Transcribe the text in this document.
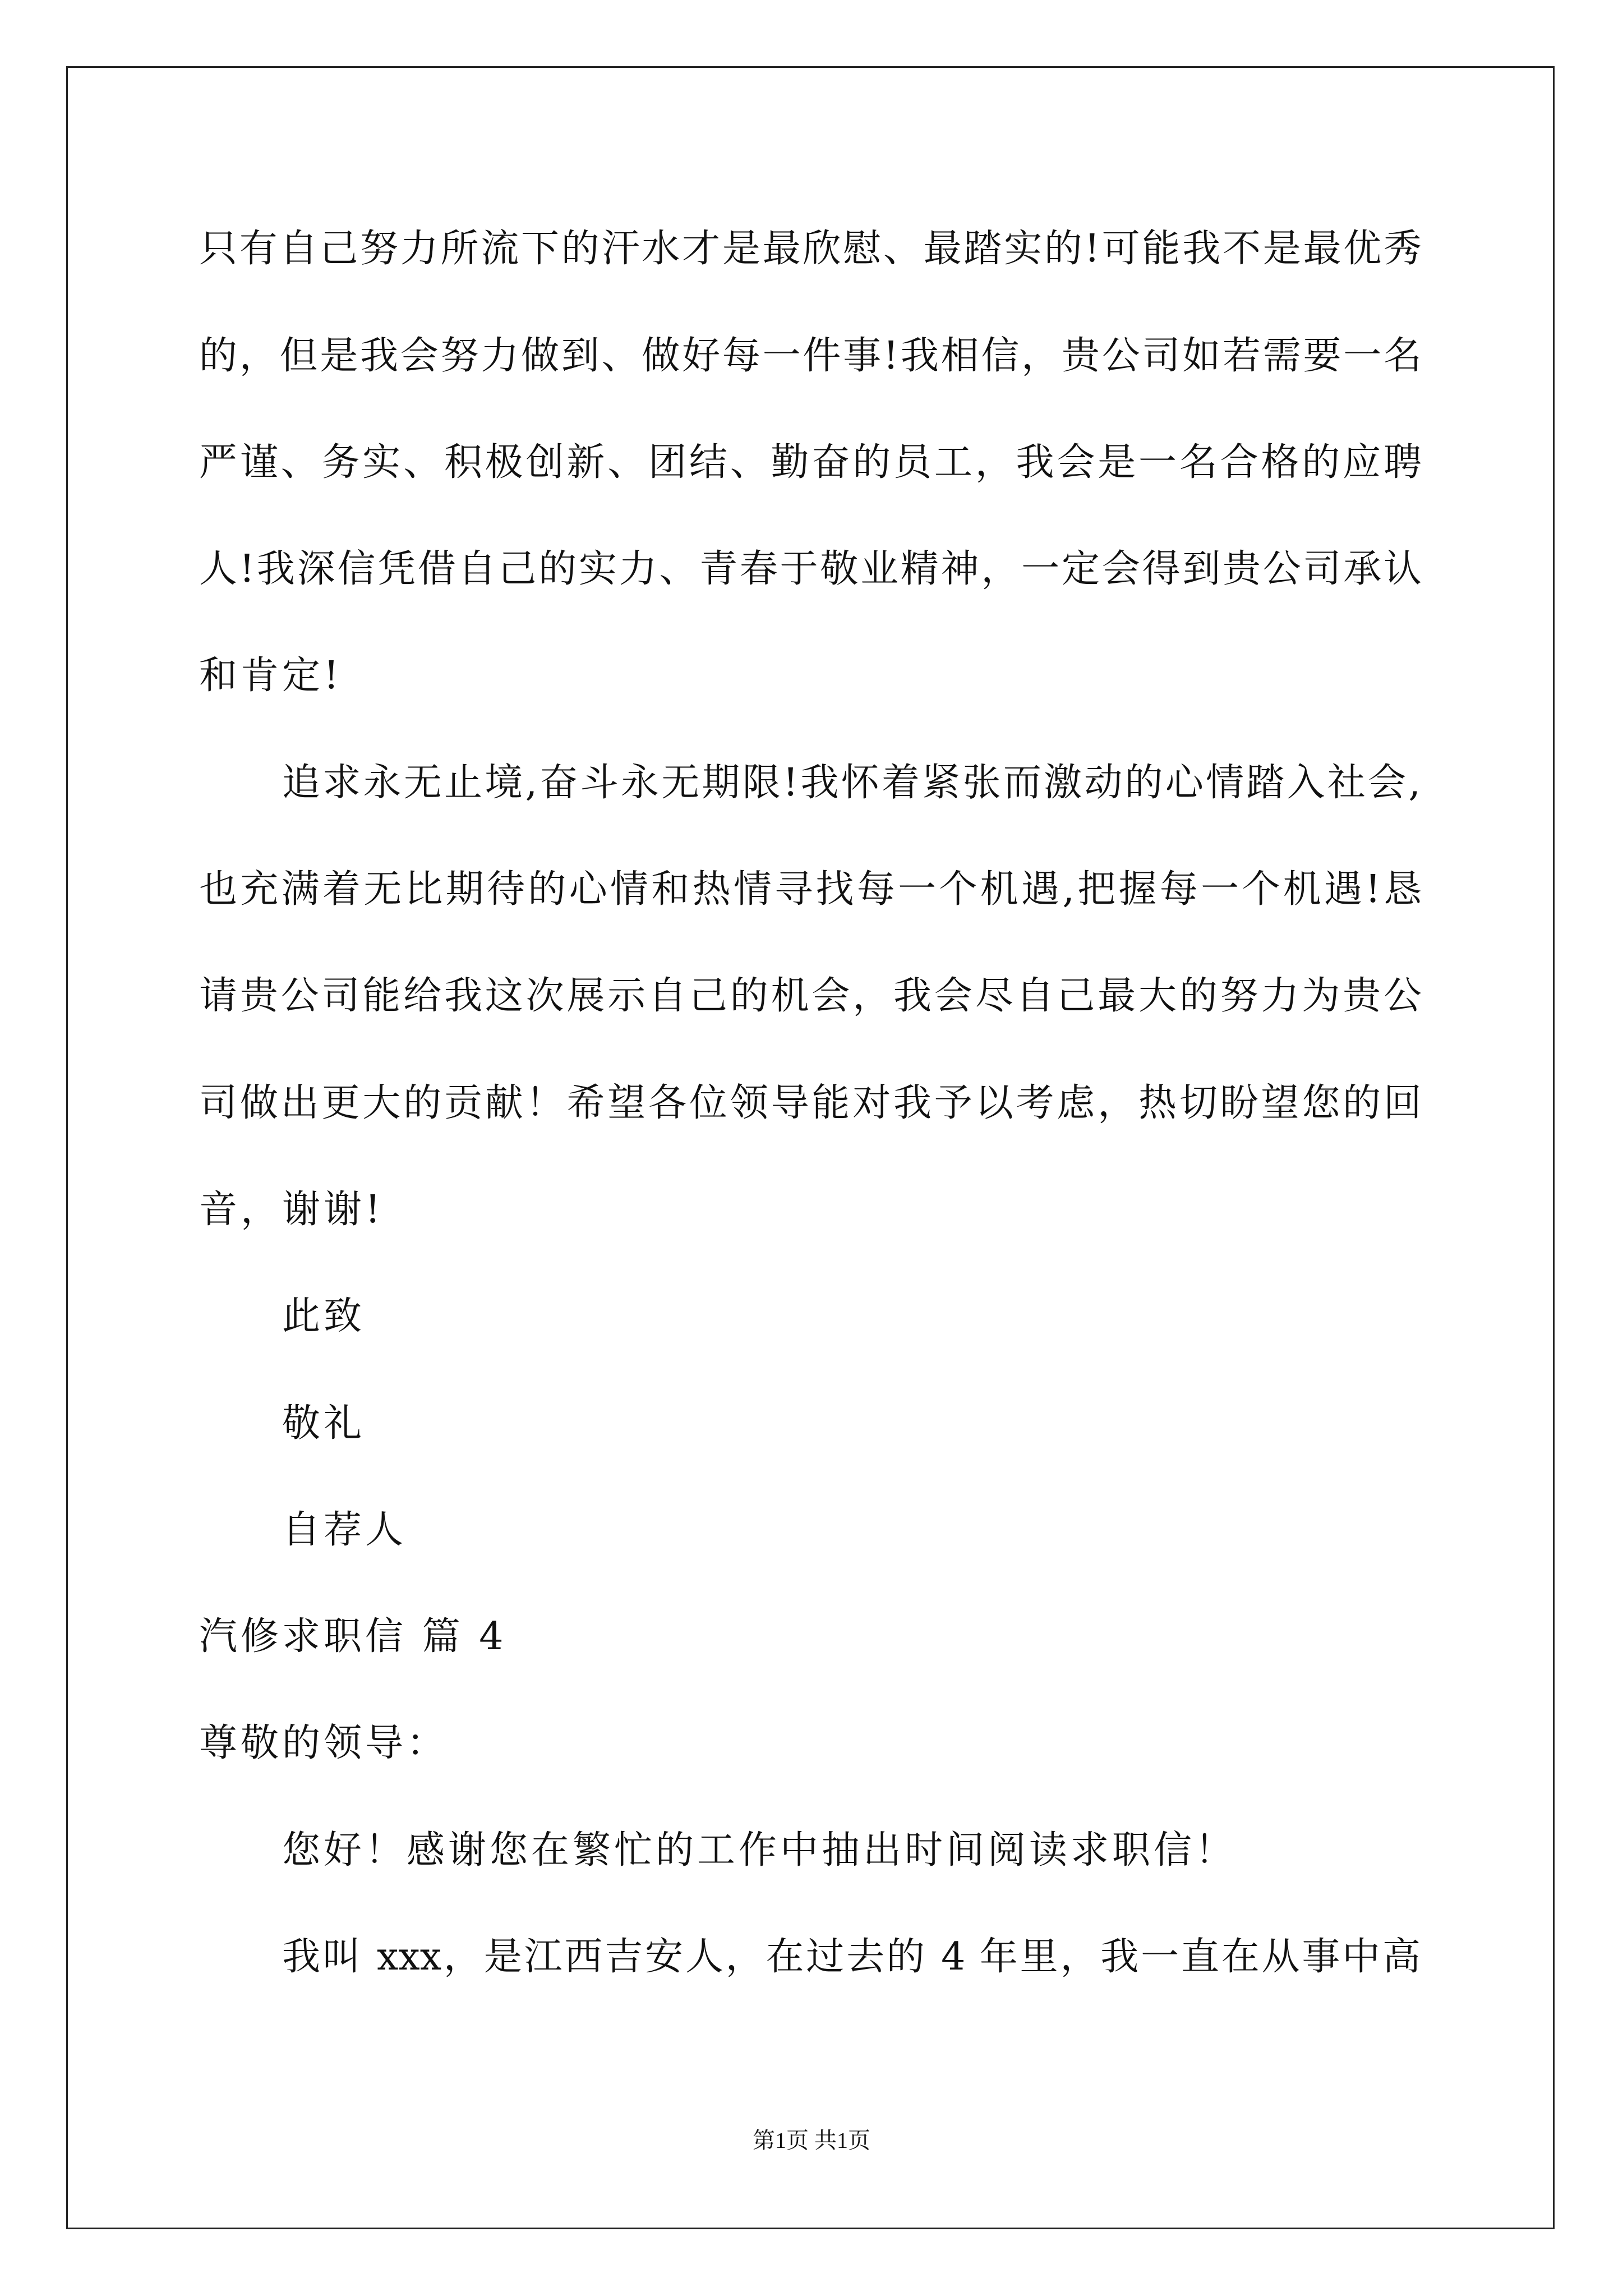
只有自己努力所流下的汗水才是最欣慰、最踏实的!可能我不是最优秀
的，但是我会努力做到、做好每一件事!我相信，贵公司如若需要一名
严谨、务实、积极创新、团结、勤奋的员工，我会是一名合格的应聘
人!我深信凭借自己的实力、青春于敬业精神，一定会得到贵公司承认
和肯定!
追求永无止境,奋斗永无期限!我怀着紧张而激动的心情踏入社会,
也充满着无比期待的心情和热情寻找每一个机遇,把握每一个机遇!恳
请贵公司能给我这次展示自己的机会，我会尽自己最大的努力为贵公
司做出更大的贡献！希望各位领导能对我予以考虑，热切盼望您的回
音，谢谢!
此致
敬礼
自荐人
汽修求职信 篇 4
尊敬的领导：
您好！感谢您在繁忙的工作中抽出时间阅读求职信！
我叫 xxx，是江西吉安人，在过去的 4 年里，我一直在从事中高
第1页 共1页
